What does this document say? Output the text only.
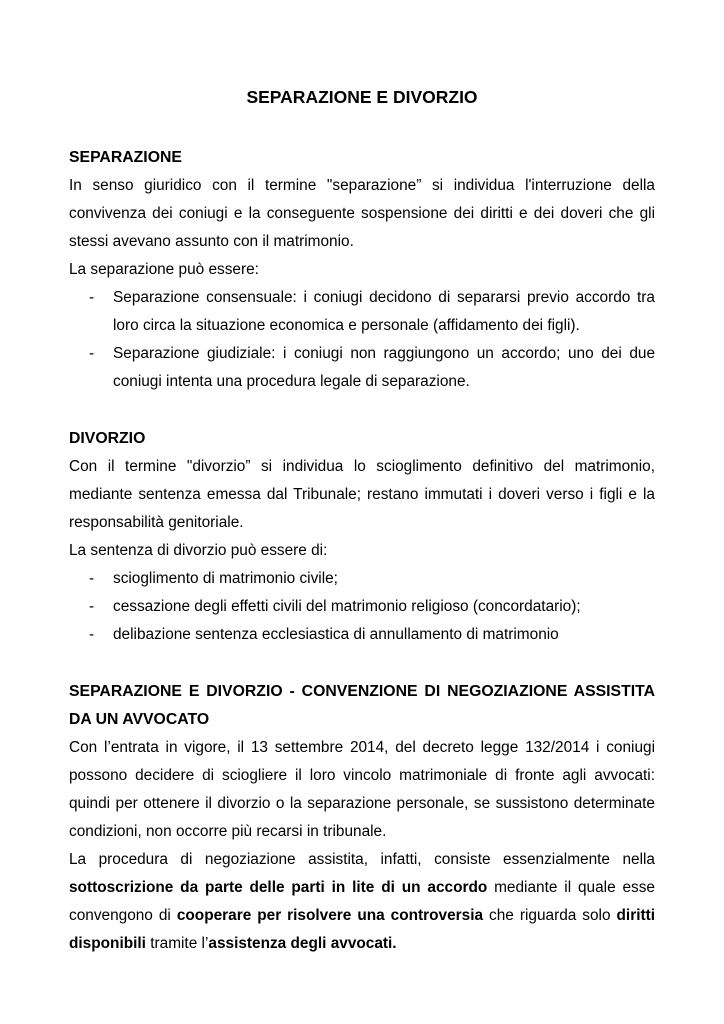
SEPARAZIONE E DIVORZIO
SEPARAZIONE

In senso giuridico con il termine "separazione” si individua l'interruzione della convivenza dei coniugi e la conseguente sospensione dei diritti e dei doveri che gli stessi avevano assunto con il matrimonio.

La separazione può essere:

- Separazione consensuale: i coniugi decidono di separarsi previo accordo tra loro circa la situazione economica e personale (affidamento dei figli).
- Separazione giudiziale: i coniugi non raggiungono un accordo; uno dei due coniugi intenta una procedura legale di separazione.
DIVORZIO

Con il termine "divorzio” si individua lo scioglimento definitivo del matrimonio, mediante sentenza emessa dal Tribunale; restano immutati i doveri verso i figli e la responsabilità genitoriale.

La sentenza di divorzio può essere di:

- scioglimento di matrimonio civile;
- cessazione degli effetti civili del matrimonio religioso (concordatario);
- delibazione sentenza ecclesiastica di annullamento di matrimonio
SEPARAZIONE E DIVORZIO - CONVENZIONE DI NEGOZIAZIONE ASSISTITA DA UN AVVOCATO

Con l’entrata in vigore, il 13 settembre 2014, del decreto legge 132/2014 i coniugi possono decidere di sciogliere il loro vincolo matrimoniale di fronte agli avvocati: quindi per ottenere il divorzio o la separazione personale, se sussistono determinate condizioni, non occorre più recarsi in tribunale.

La procedura di negoziazione assistita, infatti, consiste essenzialmente nella sottoscrizione da parte delle parti in lite di un accordo mediante il quale esse convengono di cooperare per risolvere una controversia che riguarda solo diritti disponibili tramite l’assistenza degli avvocati.
